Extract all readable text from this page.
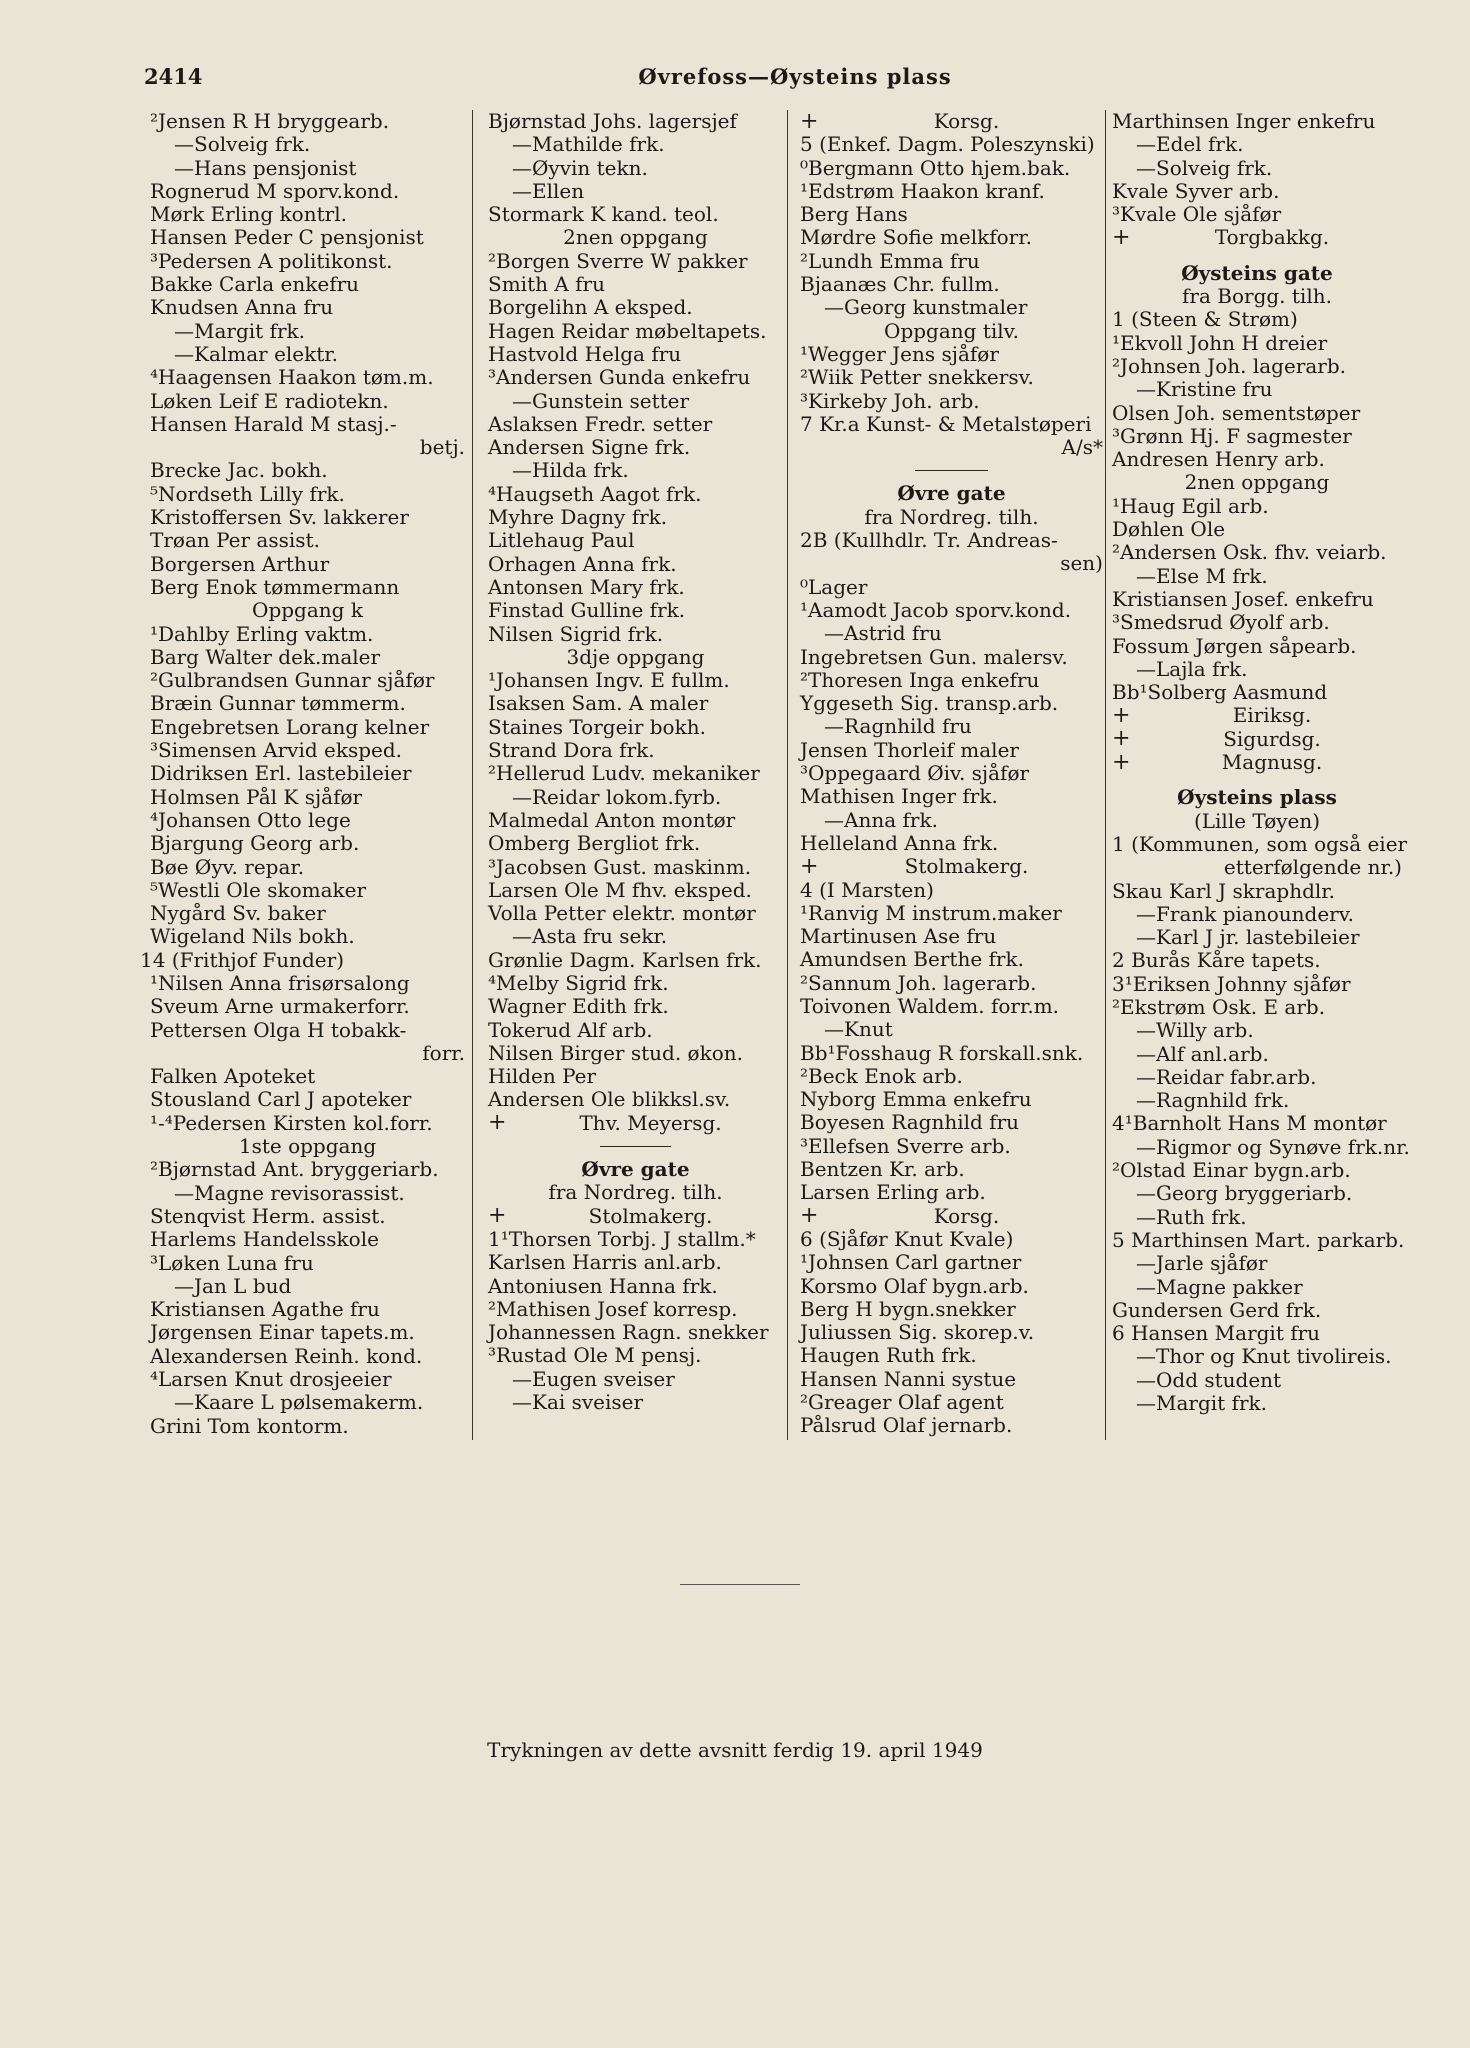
2414	Øvrefoss—Øysteins plass
²Jensen R H bryggearb.
—Solveig frk.
—Hans pensjonist
Rognerud M sporv.kond.
Mørk Erling kontrl.
Hansen Peder C pensjonist
³Pedersen A politikonst.
Bakke Carla enkefru
Knudsen Anna fru
—Margit frk.
—Kalmar elektr.
⁴Haagensen Haakon tøm.m.
Løken Leif E radiotekn.
Hansen Harald M stasj.-
betj.
Brecke Jac. bokh.
⁵Nordseth Lilly frk.
Kristoffersen Sv. lakkerer
Trøan Per assist.
Borgersen Arthur
Berg Enok tømmermann
Oppgang k
¹Dahlby Erling vaktm.
Barg Walter dek.maler
²Gulbrandsen Gunnar sjåfør
Bræin Gunnar tømmerm.
Engebretsen Lorang kelner
³Simensen Arvid eksped.
Didriksen Erl. lastebileier
Holmsen Pål K sjåfør
⁴Johansen Otto lege
Bjargung Georg arb.
Bøe Øyv. repar.
⁵Westli Ole skomaker
Nygård Sv. baker
Wigeland Nils bokh.
14 (Frithjof Funder)
¹Nilsen Anna frisørsalong
Sveum Arne urmakerforr.
Pettersen Olga H tobakk-
forr.
Falken Apoteket
Stousland Carl J apoteker
¹-⁴Pedersen Kirsten kol.forr.
1ste oppgang
²Bjørnstad Ant. bryggeriarb.
—Magne revisorassist.
Stenqvist Herm. assist.
Harlems Handelsskole
³Løken Luna fru
—Jan L bud
Kristiansen Agathe fru
Jørgensen Einar tapets.m.
Alexandersen Reinh. kond.
⁴Larsen Knut drosjeeier
—Kaare L pølsemakerm.
Grini Tom kontorm.
Bjørnstad Johs. lagersjef
—Mathilde frk.
—Øyvin tekn.
—Ellen
Stormark K kand. teol.
2nen oppgang
²Borgen Sverre W pakker
Smith A fru
Borgelihn A eksped.
Hagen Reidar møbeltapets.
Hastvold Helga fru
³Andersen Gunda enkefru
—Gunstein setter
Aslaksen Fredr. setter
Andersen Signe frk.
—Hilda frk.
⁴Haugseth Aagot frk.
Myhre Dagny frk.
Litlehaug Paul
Orhagen Anna frk.
Antonsen Mary frk.
Finstad Gulline frk.
Nilsen Sigrid frk.
3dje oppgang
¹Johansen Ingv. E fullm.
Isaksen Sam. A maler
Staines Torgeir bokh.
Strand Dora frk.
²Hellerud Ludv. mekaniker
—Reidar lokom.fyrb.
Malmedal Anton montør
Omberg Bergliot frk.
³Jacobsen Gust. maskinm.
Larsen Ole M fhv. eksped.
Volla Petter elektr. montør
—Asta fru sekr.
Grønlie Dagm. Karlsen frk.
⁴Melby Sigrid frk.
Wagner Edith frk.
Tokerud Alf arb.
Nilsen Birger stud. økon.
Hilden Per
Andersen Ole blikksl.sv.
+	Thv. Meyersg.
Øvre gate
fra Nordreg. tilh.
+	Stolmakerg.
1¹Thorsen Torbj. J stallm.*
Karlsen Harris anl.arb.
Antoniusen Hanna frk.
²Mathisen Josef korresp.
Johannessen Ragn. snekker
³Rustad Ole M pensj.
—Eugen sveiser
—Kai sveiser
+	Korsg.
5 (Enkef. Dagm. Poleszynski)
⁰Bergmann Otto hjem.bak.
¹Edstrøm Haakon kranf.
Berg Hans
Mørdre Sofie melkforr.
²Lundh Emma fru
Bjaanæs Chr. fullm.
—Georg kunstmaler
Oppgang tilv.
¹Wegger Jens sjåfør
²Wiik Petter snekkersv.
³Kirkeby Joh. arb.
7 Kr.a Kunst- & Metalstøperi
A/s*
Øvre gate
fra Nordreg. tilh.
2B (Kullhdlr. Tr. Andreas-
sen)
⁰Lager
¹Aamodt Jacob sporv.kond.
—Astrid fru
Ingebretsen Gun. malersv.
²Thoresen Inga enkefru
Yggeseth Sig. transp.arb.
—Ragnhild fru
Jensen Thorleif maler
³Oppegaard Øiv. sjåfør
Mathisen Inger frk.
—Anna frk.
Helleland Anna frk.
+	Stolmakerg.
4 (I Marsten)
¹Ranvig M instrum.maker
Martinusen Ase fru
Amundsen Berthe frk.
²Sannum Joh. lagerarb.
Toivonen Waldem. forr.m.
—Knut
Bb¹Fosshaug R forskall.snk.
²Beck Enok arb.
Nyborg Emma enkefru
Boyesen Ragnhild fru
³Ellefsen Sverre arb.
Bentzen Kr. arb.
Larsen Erling arb.
+	Korsg.
6 (Sjåfør Knut Kvale)
¹Johnsen Carl gartner
Korsmo Olaf bygn.arb.
Berg H bygn.snekker
Juliussen Sig. skorep.v.
Haugen Ruth frk.
Hansen Nanni systue
²Greager Olaf agent
Pålsrud Olaf jernarb.
Marthinsen Inger enkefru
—Edel frk.
—Solveig frk.
Kvale Syver arb.
³Kvale Ole sjåfør
+	Torgbakkg.
Øysteins gate
fra Borgg. tilh.
1 (Steen & Strøm)
¹Ekvoll John H dreier
²Johnsen Joh. lagerarb.
—Kristine fru
Olsen Joh. sementstøper
³Grønn Hj. F sagmester
Andresen Henry arb.
2nen oppgang
¹Haug Egil arb.
Døhlen Ole
²Andersen Osk. fhv. veiarb.
—Else M frk.
Kristiansen Josef. enkefru
³Smedsrud Øyolf arb.
Fossum Jørgen såpearb.
—Lajla frk.
Bb¹Solberg Aasmund
+	Eiriksg.
+	Sigurdsg.
+	Magnusg.
Øysteins plass
(Lille Tøyen)
1 (Kommunen, som også eier
etterfølgende nr.)
Skau Karl J skraphdlr.
—Frank pianounderv.
—Karl J jr. lastebileier
2 Burås Kåre tapets.
3¹Eriksen Johnny sjåfør
²Ekstrøm Osk. E arb.
—Willy arb.
—Alf anl.arb.
—Reidar fabr.arb.
—Ragnhild frk.
4¹Barnholt Hans M montør
—Rigmor og Synøve frk.nr.
²Olstad Einar bygn.arb.
—Georg bryggeriarb.
—Ruth frk.
5 Marthinsen Mart. parkarb.
—Jarle sjåfør
—Magne pakker
Gundersen Gerd frk.
6 Hansen Margit fru
—Thor og Knut tivolireis.
—Odd student
—Margit frk.
Trykningen av dette avsnitt ferdig 19. april 1949
